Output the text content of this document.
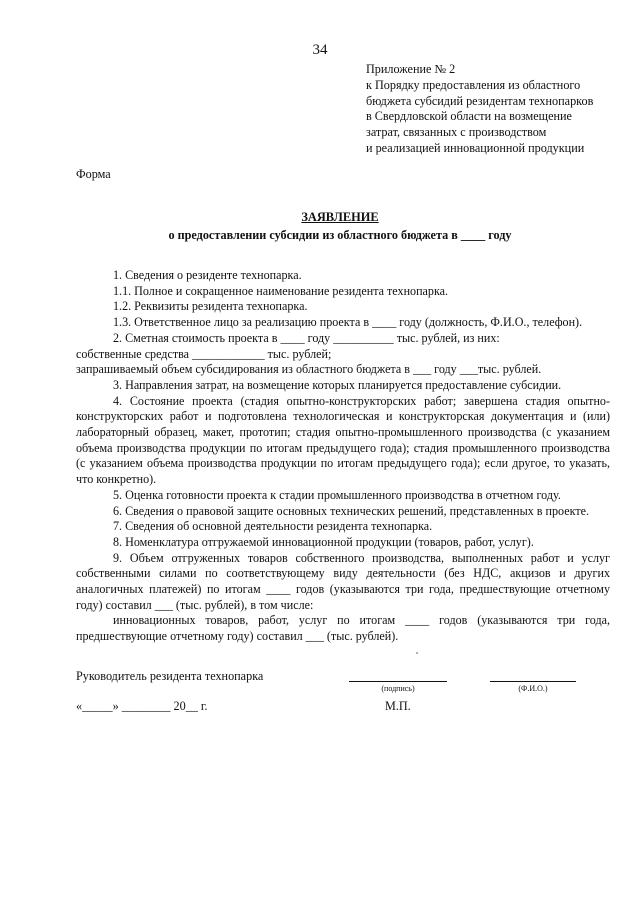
34
Приложение № 2
к Порядку предоставления из областного
бюджета субсидий резидентам технопарков
в Свердловской области на возмещение
затрат, связанных с производством
и реализацией инновационной продукции
Форма
ЗАЯВЛЕНИЕ
о предоставлении субсидии из областного бюджета в ____ году

1. Сведения о резиденте технопарка.

1.1. Полное и сокращенное наименование резидента технопарка.

1.2. Реквизиты резидента технопарка.

1.3. Ответственное лицо за реализацию проекта в ____ году (должность, Ф.И.О., телефон).

2. Сметная стоимость проекта в ____ году __________ тыс. рублей, из них:

собственные средства ____________ тыс. рублей;

запрашиваемый объем субсидирования из областного бюджета в ___ году ___тыс. рублей.

3. Направления затрат, на возмещение которых планируется предоставление субсидии.

4. Состояние проекта (стадия опытно-конструкторских работ; завершена стадия опытно-конструкторских работ и подготовлена технологическая и конструкторская документация и (или) лабораторный образец, макет, прототип; стадия опытно-промышленного производства (с указанием объема производства продукции по итогам предыдущего года); стадия промышленного производства (с указанием объема производства продукции по итогам предыдущего года); если другое, то указать, что конкретно).

5. Оценка готовности проекта к стадии промышленного производства в отчетном году.

6. Сведения о правовой защите основных технических решений, представленных в проекте.

7. Сведения об основной деятельности резидента технопарка.

8. Номенклатура отгружаемой инновационной продукции (товаров, работ, услуг).

9. Объем отгруженных товаров собственного производства, выполненных работ и услуг собственными силами по соответствующему виду деятельности (без НДС, акцизов и других аналогичных платежей) по итогам ____ годов (указываются три года, предшествующие отчетному году) составил ___ (тыс. рублей), в том числе:

инновационных товаров, работ, услуг по итогам ____ годов (указываются три года, предшествующие отчетному году) составил ___ (тыс. рублей).

Руководитель резидента технопарка
(подпись)	(Ф.И.О.)
«_____» ________ 20__ г.	М.П.
